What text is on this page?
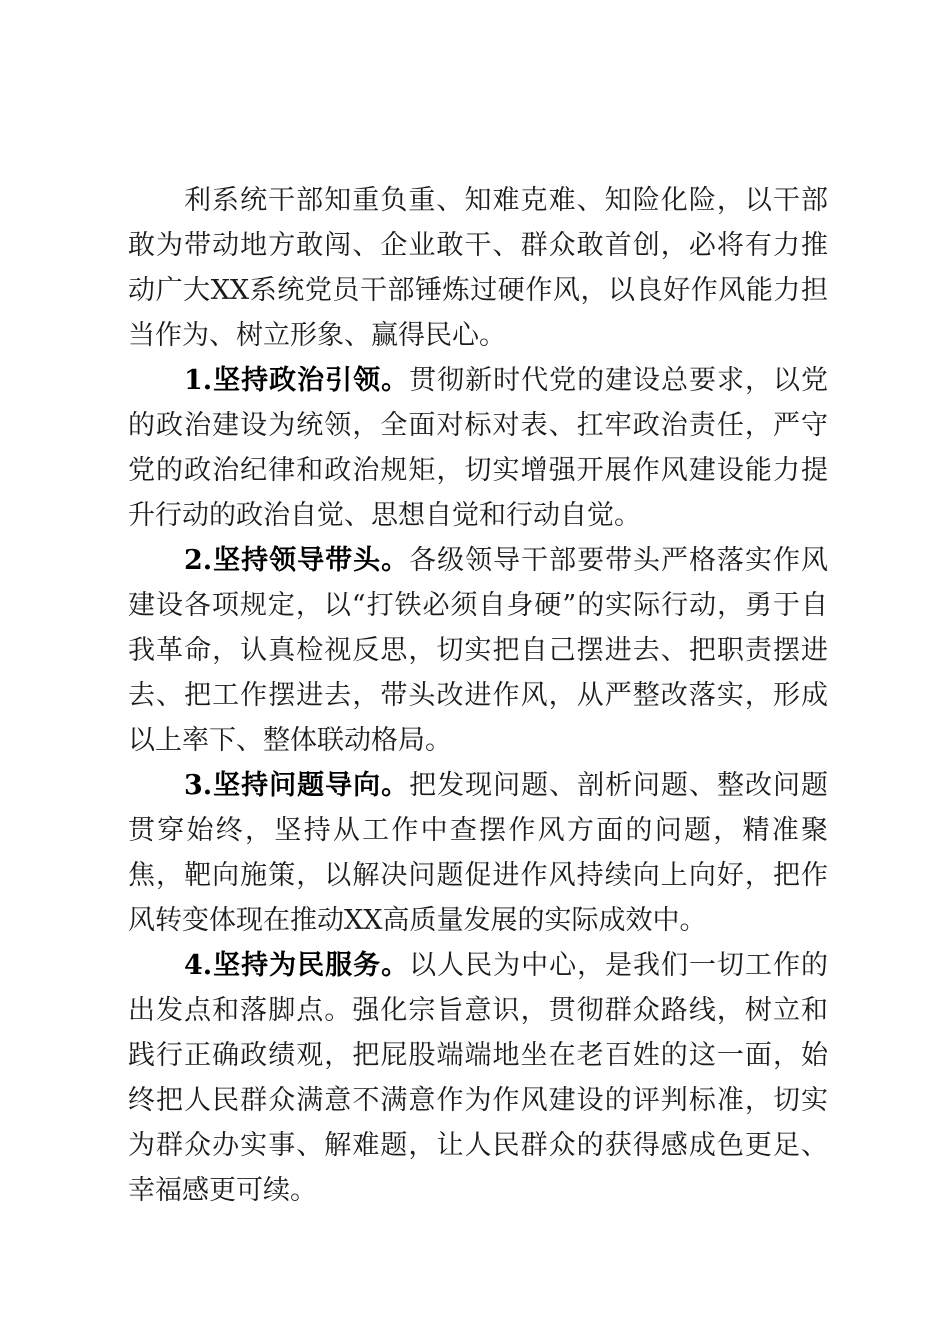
利系统干部知重负重、知难克难、知险化险，以干部敢为带动地方敢闯、企业敢干、群众敢首创，必将有力推动广大XX系统党员干部锤炼过硬作风，以良好作风能力担当作为、树立形象、赢得民心。

1.坚持政治引领。贯彻新时代党的建设总要求，以党的政治建设为统领，全面对标对表、扛牢政治责任，严守党的政治纪律和政治规矩，切实增强开展作风建设能力提升行动的政治自觉、思想自觉和行动自觉。

2.坚持领导带头。各级领导干部要带头严格落实作风建设各项规定，以“打铁必须自身硬”的实际行动，勇于自我革命，认真检视反思，切实把自己摆进去、把职责摆进去、把工作摆进去，带头改进作风，从严整改落实，形成以上率下、整体联动格局。

3.坚持问题导向。把发现问题、剖析问题、整改问题贯穿始终，坚持从工作中查摆作风方面的问题，精准聚焦，靶向施策，以解决问题促进作风持续向上向好，把作风转变体现在推动XX高质量发展的实际成效中。

4.坚持为民服务。以人民为中心，是我们一切工作的出发点和落脚点。强化宗旨意识，贯彻群众路线，树立和践行正确政绩观，把屁股端端地坐在老百姓的这一面，始终把人民群众满意不满意作为作风建设的评判标准，切实为群众办实事、解难题，让人民群众的获得感成色更足、幸福感更可续。
